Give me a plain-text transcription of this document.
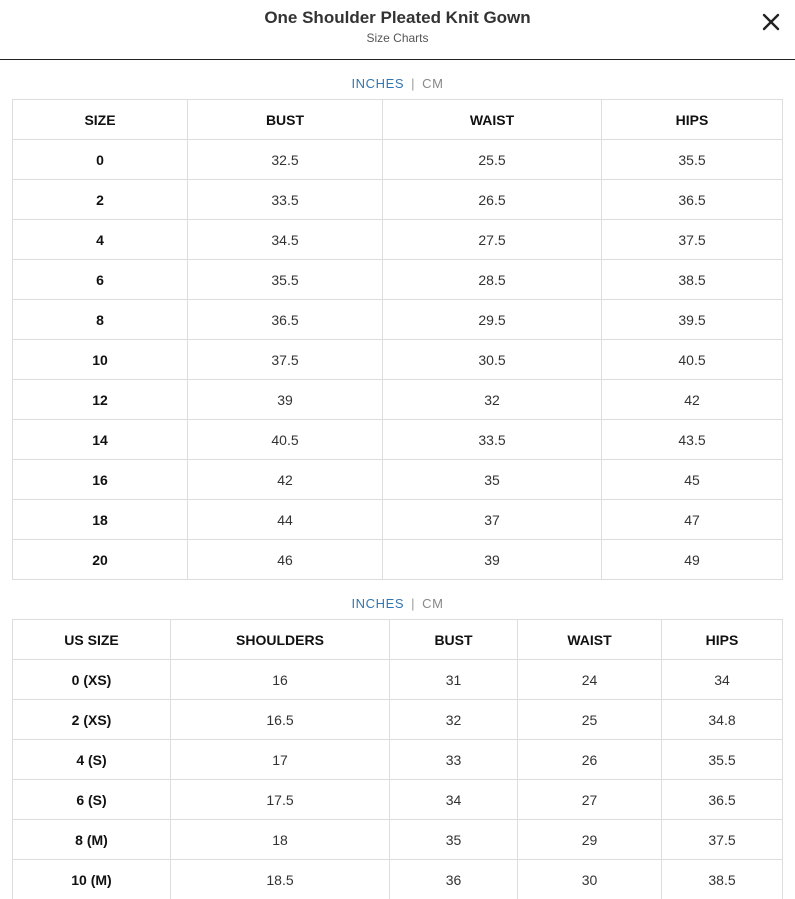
One Shoulder Pleated Knit Gown
Size Charts
INCHES | CM
SIZE	BUST	WAIST	HIPS
0	32.5	25.5	35.5
2	33.5	26.5	36.5
4	34.5	27.5	37.5
6	35.5	28.5	38.5
8	36.5	29.5	39.5
10	37.5	30.5	40.5
12	39	32	42
14	40.5	33.5	43.5
16	42	35	45
18	44	37	47
20	46	39	49
INCHES | CM
US SIZE	SHOULDERS	BUST	WAIST	HIPS
0 (XS)	16	31	24	34
2 (XS)	16.5	32	25	34.8
4 (S)	17	33	26	35.5
6 (S)	17.5	34	27	36.5
8 (M)	18	35	29	37.5
10 (M)	18.5	36	30	38.5
